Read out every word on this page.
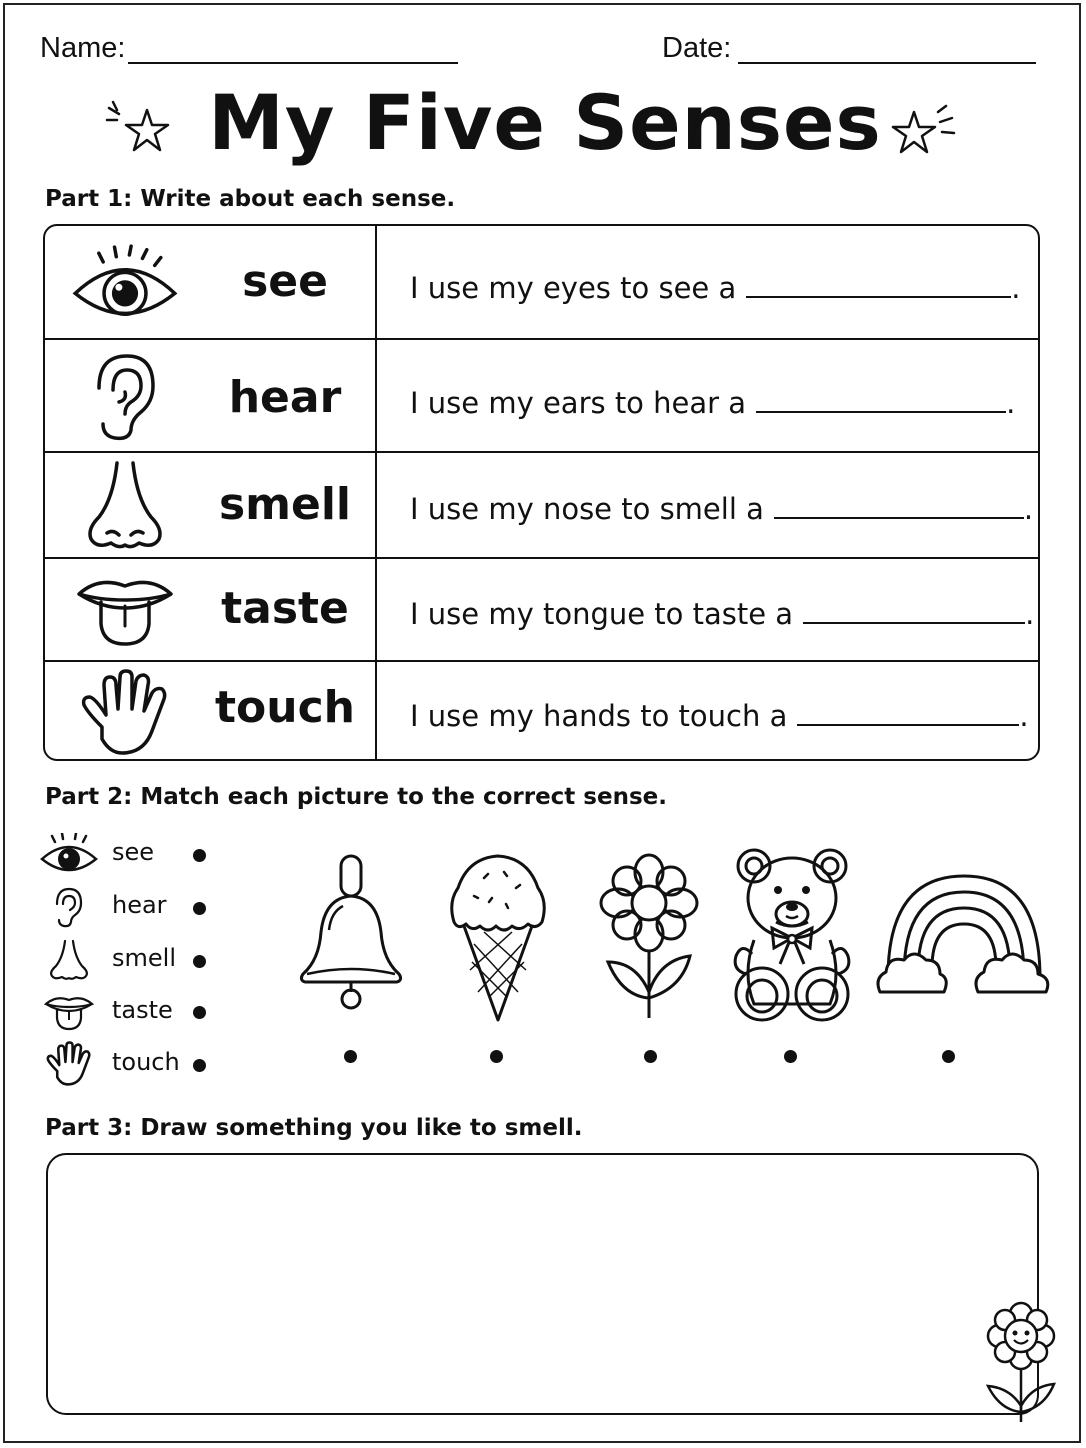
Name:	Date:
My Five Senses
Part 1: Write about each sense.
see	I use my eyes to see a	.
hear	I use my ears to hear a	.
smell	I use my nose to smell a	.
taste	I use my tongue to taste a	.
touch	I use my hands to touch a	.
Part 2: Match each picture to the correct sense.
see
hear
smell
taste
touch
Part 3: Draw something you like to smell.
